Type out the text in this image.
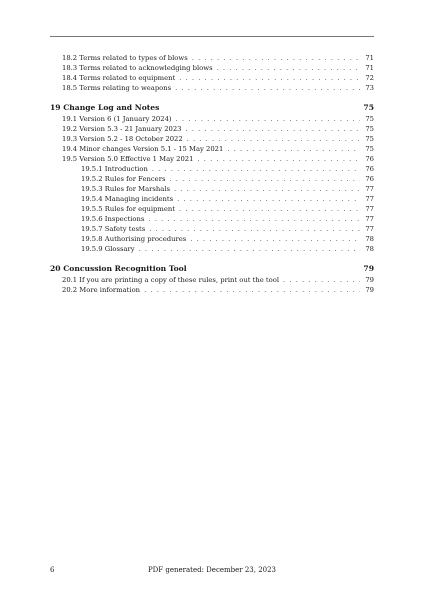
18.2 Terms related to types of blows . . .	71
18.3 Terms related to acknowledging blows . . .	71
18.4 Terms related to equipment . . .	72
18.5 Terms relating to weapons . . .	73
19 Change Log and Notes	75
19.1 Version 6 (1 January 2024) . . .	75
19.2 Version 5.3 - 21 January 2023 . . .	75
19.3 Version 5.2 - 18 October 2022 . . .	75
19.4 Minor changes Version 5.1 - 15 May 2021 . . .	75
19.5 Version 5.0 Effective 1 May 2021 . . .	76
19.5.1 Introduction . . .	76
19.5.2 Rules for Fencers . . .	76
19.5.3 Rules for Marshals . . .	77
19.5.4 Managing incidents . . .	77
19.5.5 Rules for equipment . . .	77
19.5.6 Inspections . . .	77
19.5.7 Safety tests . . .	77
19.5.8 Authorising procedures . . .	78
19.5.9 Glossary . . .	78
20 Concussion Recognition Tool	79
20.1 If you are printing a copy of these rules, print out the tool . . .	79
20.2 More information . . .	79
6	PDF generated: December 23, 2023
